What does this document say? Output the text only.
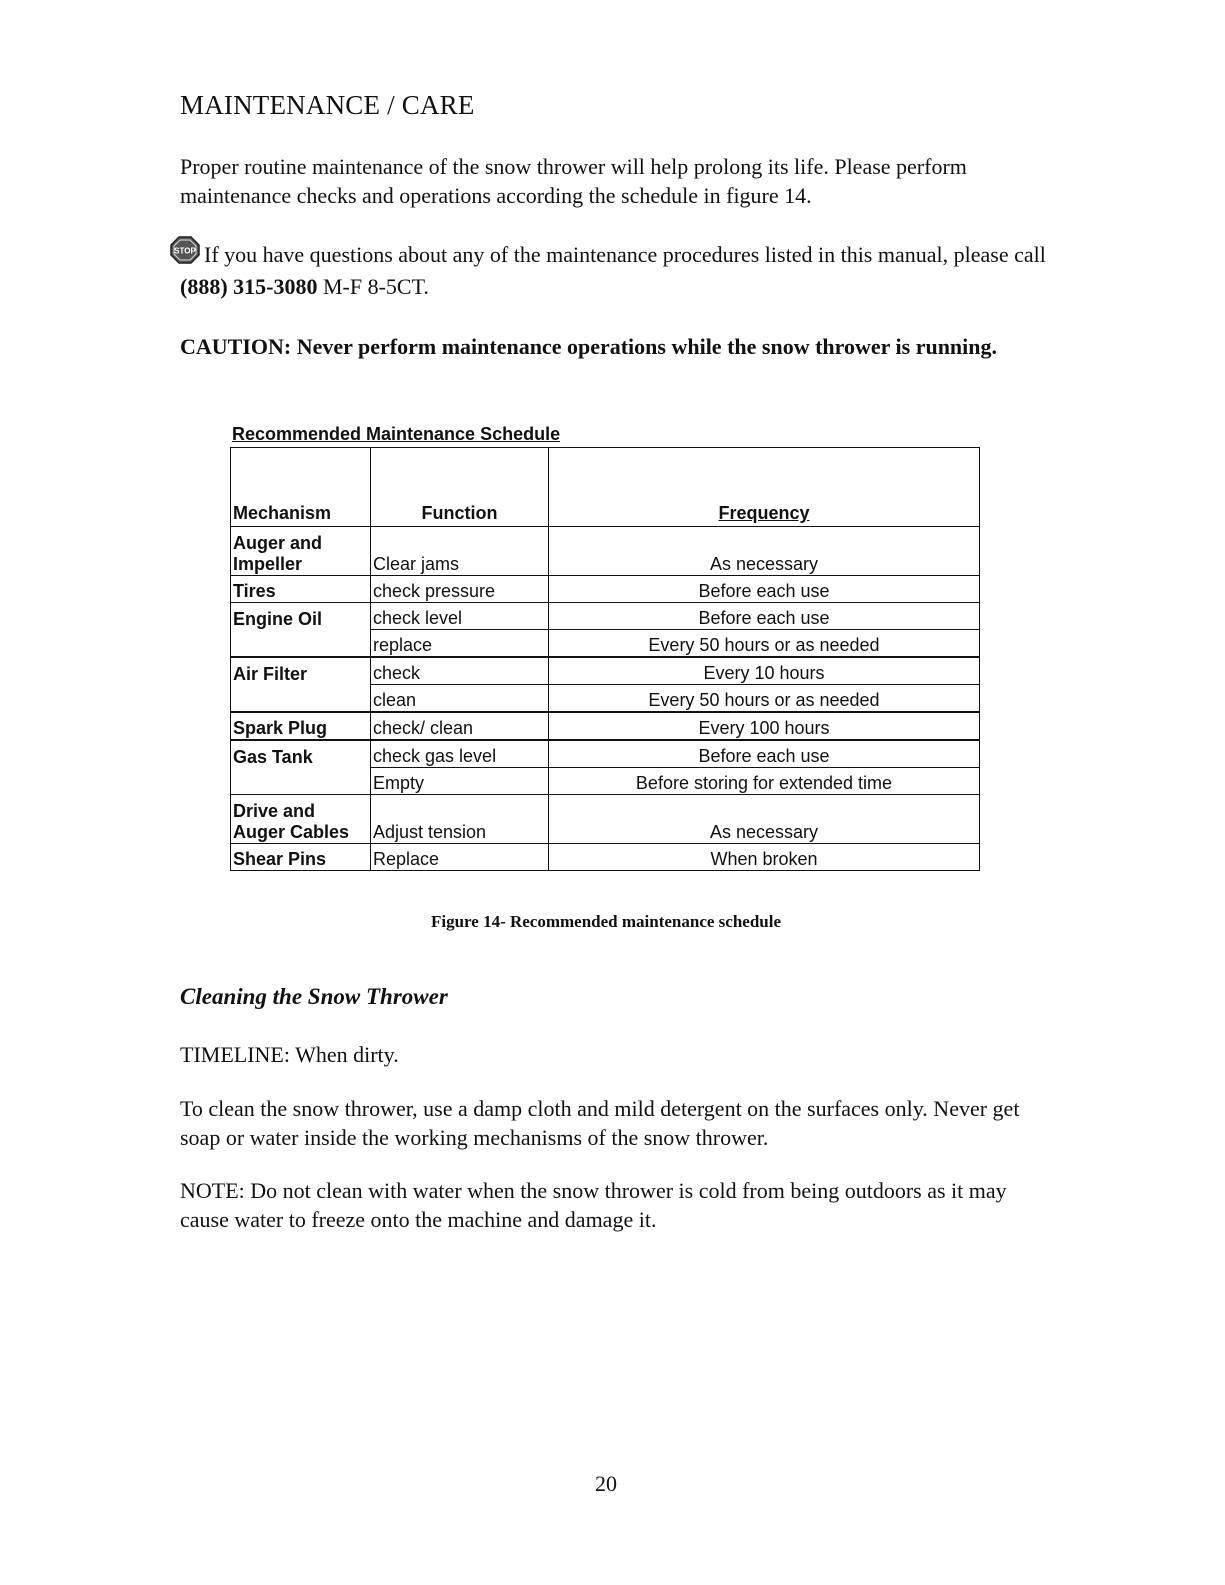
MAINTENANCE / CARE

Proper routine maintenance of the snow thrower will help prolong its life. Please perform maintenance checks and operations according the schedule in figure 14.

STOP If you have questions about any of the maintenance procedures listed in this manual, please call (888) 315-3080 M-F 8-5CT.

CAUTION: Never perform maintenance operations while the snow thrower is running.

Recommended Maintenance Schedule

Mechanism	Function	Frequency
Auger and Impeller	Clear jams	As necessary
Tires	check pressure	Before each use
Engine Oil	check level	Before each use
	replace	Every 50 hours or as needed
Air Filter	check	Every 10 hours
	clean	Every 50 hours or as needed
Spark Plug	check/ clean	Every 100 hours
Gas Tank	check gas level	Before each use
	Empty	Before storing for extended time
Drive and Auger Cables	Adjust tension	As necessary
Shear Pins	Replace	When broken

Figure 14- Recommended maintenance schedule

Cleaning the Snow Thrower

TIMELINE: When dirty.

To clean the snow thrower, use a damp cloth and mild detergent on the surfaces only. Never get soap or water inside the working mechanisms of the snow thrower.

NOTE: Do not clean with water when the snow thrower is cold from being outdoors as it may cause water to freeze onto the machine and damage it.

20
